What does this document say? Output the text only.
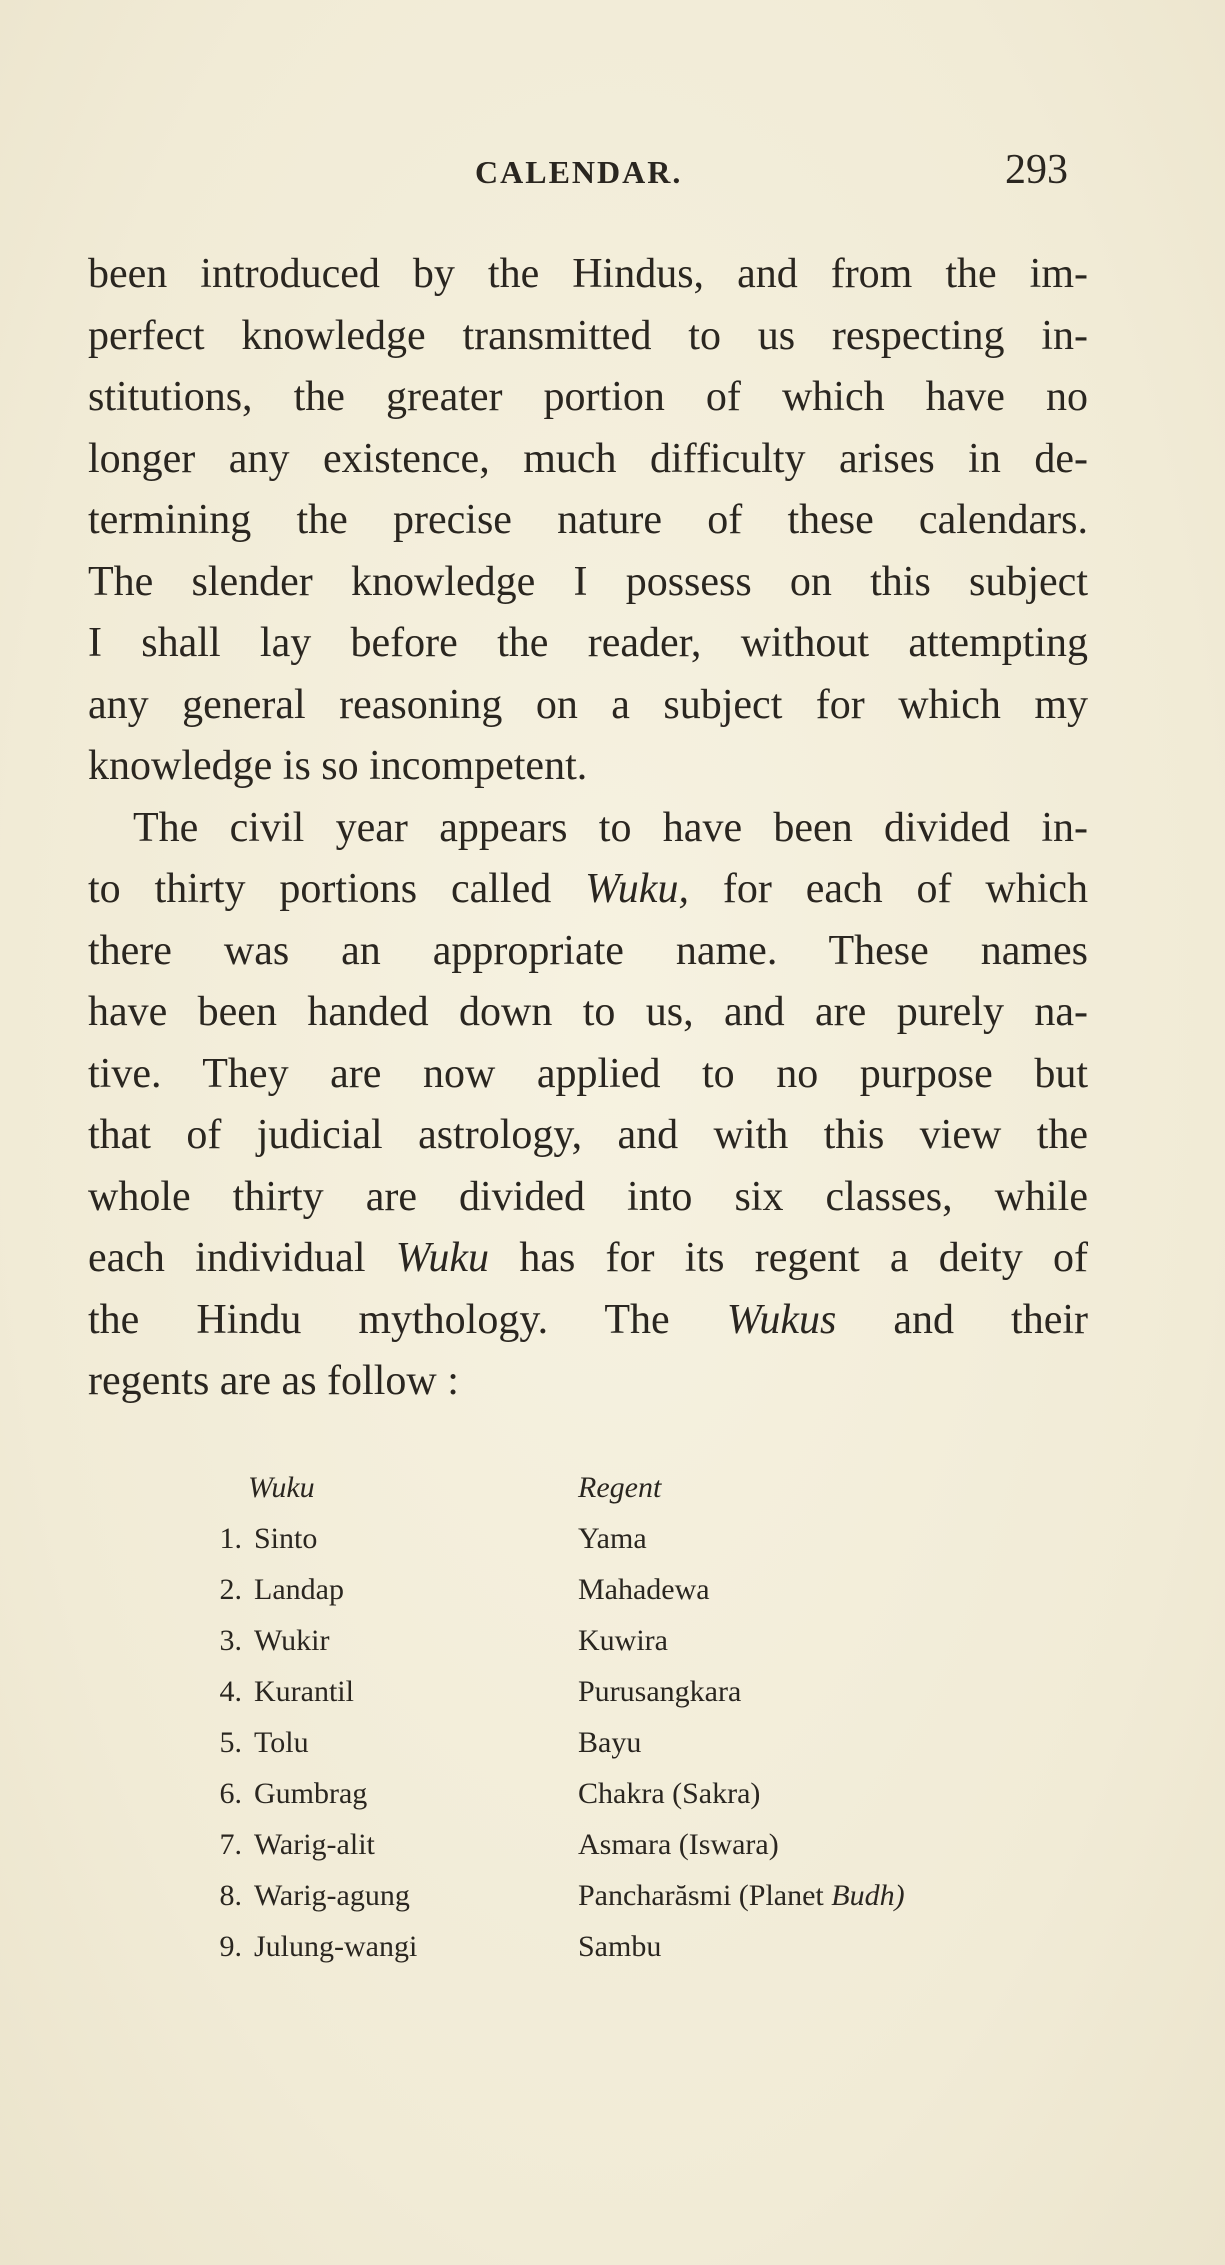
CALENDAR.	293
been introduced by the Hindus, and from the im-
perfect knowledge transmitted to us respecting in-
stitutions, the greater portion of which have no
longer any existence, much difficulty arises in de-
termining the precise nature of these calendars.
The slender knowledge I possess on this subject
I shall lay before the reader, without attempting
any general reasoning on a subject for which my
knowledge is so incompetent.
The civil year appears to have been divided in-
to thirty portions called Wuku, for each of which
there was an appropriate name. These names
have been handed down to us, and are purely na-
tive. They are now applied to no purpose but
that of judicial astrology, and with this view the
whole thirty are divided into six classes, while
each individual Wuku has for its regent a deity of
the Hindu mythology. The Wukus and their
regents are as follow :
Wuku	Regent
1. Sinto	Yama
2. Landap	Mahadewa
3. Wukir	Kuwira
4. Kurantil	Purusangkara
5. Tolu	Bayu
6. Gumbrag	Chakra (Sakra)
7. Warig-alit	Asmara (Iswara)
8. Warig-agung	Pancharăsmi (Planet Budh)
9. Julung-wangi	Sambu
